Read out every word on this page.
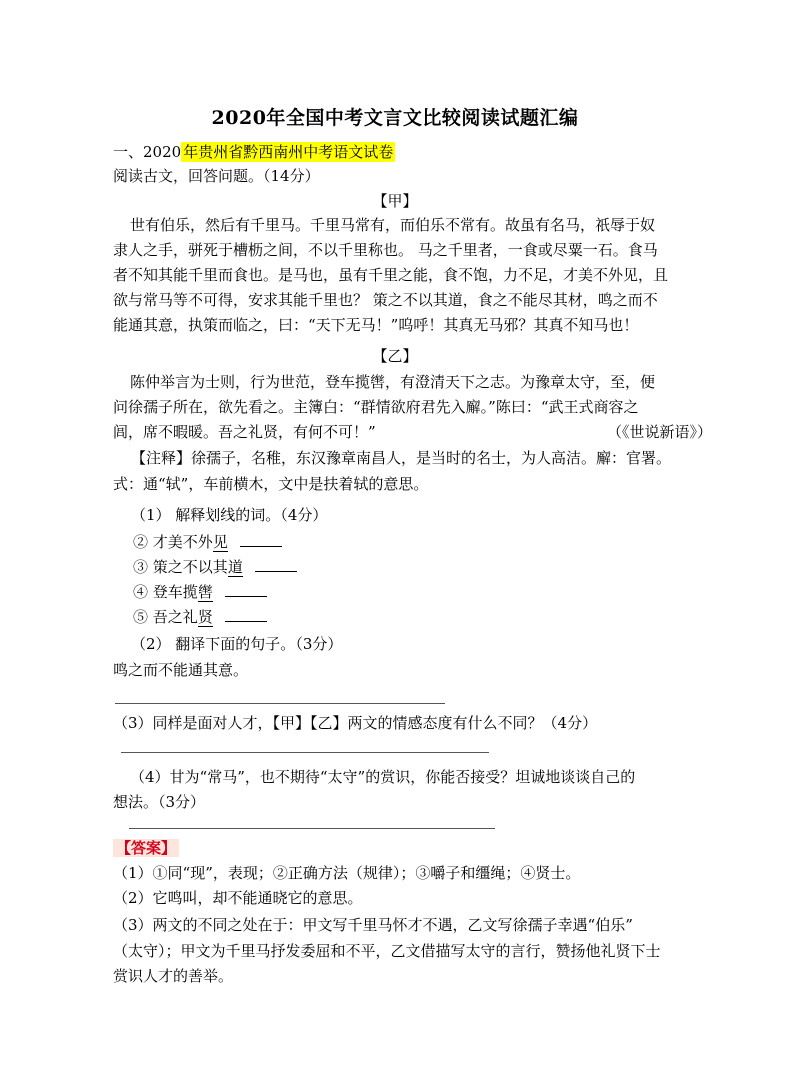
2020年全国中考文言文比较阅读试题汇编
一、2020 年贵州省黔西南州中考语文试卷
阅读古文，回答问题。（14分）
【甲】
世有伯乐，然后有千里马。千里马常有，而伯乐不常有。故虽有名马，祇辱于奴
隶人之手，骈死于槽枥之间，不以千里称也。 马之千里者，一食或尽粟一石。食马
者不知其能千里而食也。是马也，虽有千里之能，食不饱，力不足，才美不外见，且
欲与常马等不可得，安求其能千里也？ 策之不以其道，食之不能尽其材，鸣之而不
能通其意，执策而临之，曰：“天下无马！”呜呼！其真无马邪？其真不知马也！
【乙】
陈仲举言为士则，行为世范，登车揽辔，有澄清天下之志。为豫章太守，至，便
问徐孺子所在，欲先看之。主簿白：“群情欲府君先入廨。”陈曰：“武王式商容之
闾，席不暇暖。吾之礼贤，有何不可！”	（《世说新语》）
【注释】徐孺子，名稚，东汉豫章南昌人，是当时的名士，为人高洁。廨：官署。
式：通“轼”，车前横木，文中是扶着轼的意思。
（1） 解释划线的词。（4分）
② 才美不外见
③ 策之不以其道
④ 登车揽辔
⑤ 吾之礼贤
（2） 翻译下面的句子。（3分）
鸣之而不能通其意。
（3）同样是面对人才，【甲】【乙】两文的情感态度有什么不同？（4分）
（4）甘为“常马”，也不期待“太守”的赏识，你能否接受？坦诚地谈谈自己的
想法。（3分）
【答案】
（1）①同“现”，表现；②正确方法（规律）；③嚼子和缰绳；④贤士。
（2）它鸣叫，却不能通晓它的意思。
（3）两文的不同之处在于：甲文写千里马怀才不遇，乙文写徐孺子幸遇“伯乐”
（太守）；甲文为千里马抒发委屈和不平，乙文借描写太守的言行，赞扬他礼贤下士
赏识人才的善举。
